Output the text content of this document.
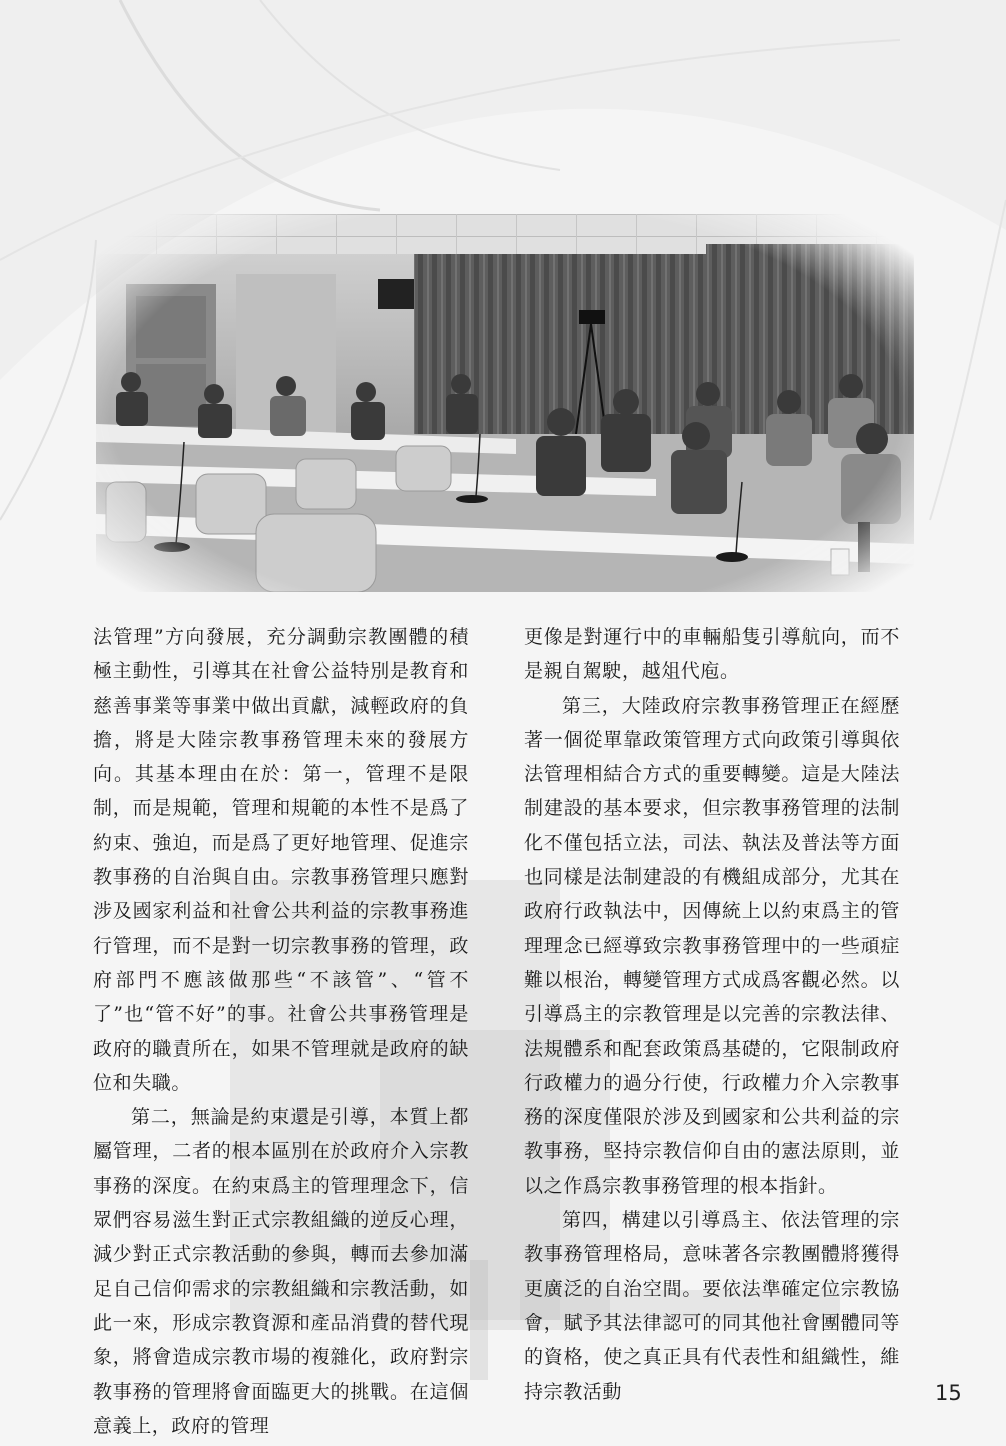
法管理”方向發展，充分調動宗教團體的積極主動性，引導其在社會公益特別是教育和慈善事業等事業中做出貢獻，減輕政府的負擔，將是大陸宗教事務管理未來的發展方向。其基本理由在於：第一，管理不是限制，而是規範，管理和規範的本性不是爲了約束、強迫，而是爲了更好地管理、促進宗教事務的自治與自由。宗教事務管理只應對涉及國家利益和社會公共利益的宗教事務進行管理，而不是對一切宗教事務的管理，政府部門不應該做那些“不該管”、“管不了”也“管不好”的事。社會公共事務管理是政府的職責所在，如果不管理就是政府的缺位和失職。

第二，無論是約束還是引導，本質上都屬管理，二者的根本區別在於政府介入宗教事務的深度。在約束爲主的管理理念下，信眾們容易滋生對正式宗教組織的逆反心理，減少對正式宗教活動的參與，轉而去參加滿足自己信仰需求的宗教組織和宗教活動，如此一來，形成宗教資源和產品消費的替代現象，將會造成宗教市場的複雜化，政府對宗教事務的管理將會面臨更大的挑戰。在這個意義上，政府的管理

更像是對運行中的車輛船隻引導航向，而不是親自駕駛，越俎代庖。

第三，大陸政府宗教事務管理正在經歷著一個從單靠政策管理方式向政策引導與依法管理相結合方式的重要轉變。這是大陸法制建設的基本要求，但宗教事務管理的法制化不僅包括立法，司法、執法及普法等方面也同樣是法制建設的有機組成部分，尤其在政府行政執法中，因傳統上以約束爲主的管理理念已經導致宗教事務管理中的一些頑症難以根治，轉變管理方式成爲客觀必然。以引導爲主的宗教管理是以完善的宗教法律、法規體系和配套政策爲基礎的，它限制政府行政權力的過分行使，行政權力介入宗教事務的深度僅限於涉及到國家和公共利益的宗教事務，堅持宗教信仰自由的憲法原則，並以之作爲宗教事務管理的根本指針。

第四，構建以引導爲主、依法管理的宗教事務管理格局，意味著各宗教團體將獲得更廣泛的自治空間。要依法準確定位宗教協會，賦予其法律認可的同其他社會團體同等的資格，使之真正具有代表性和組織性，維持宗教活動	15
